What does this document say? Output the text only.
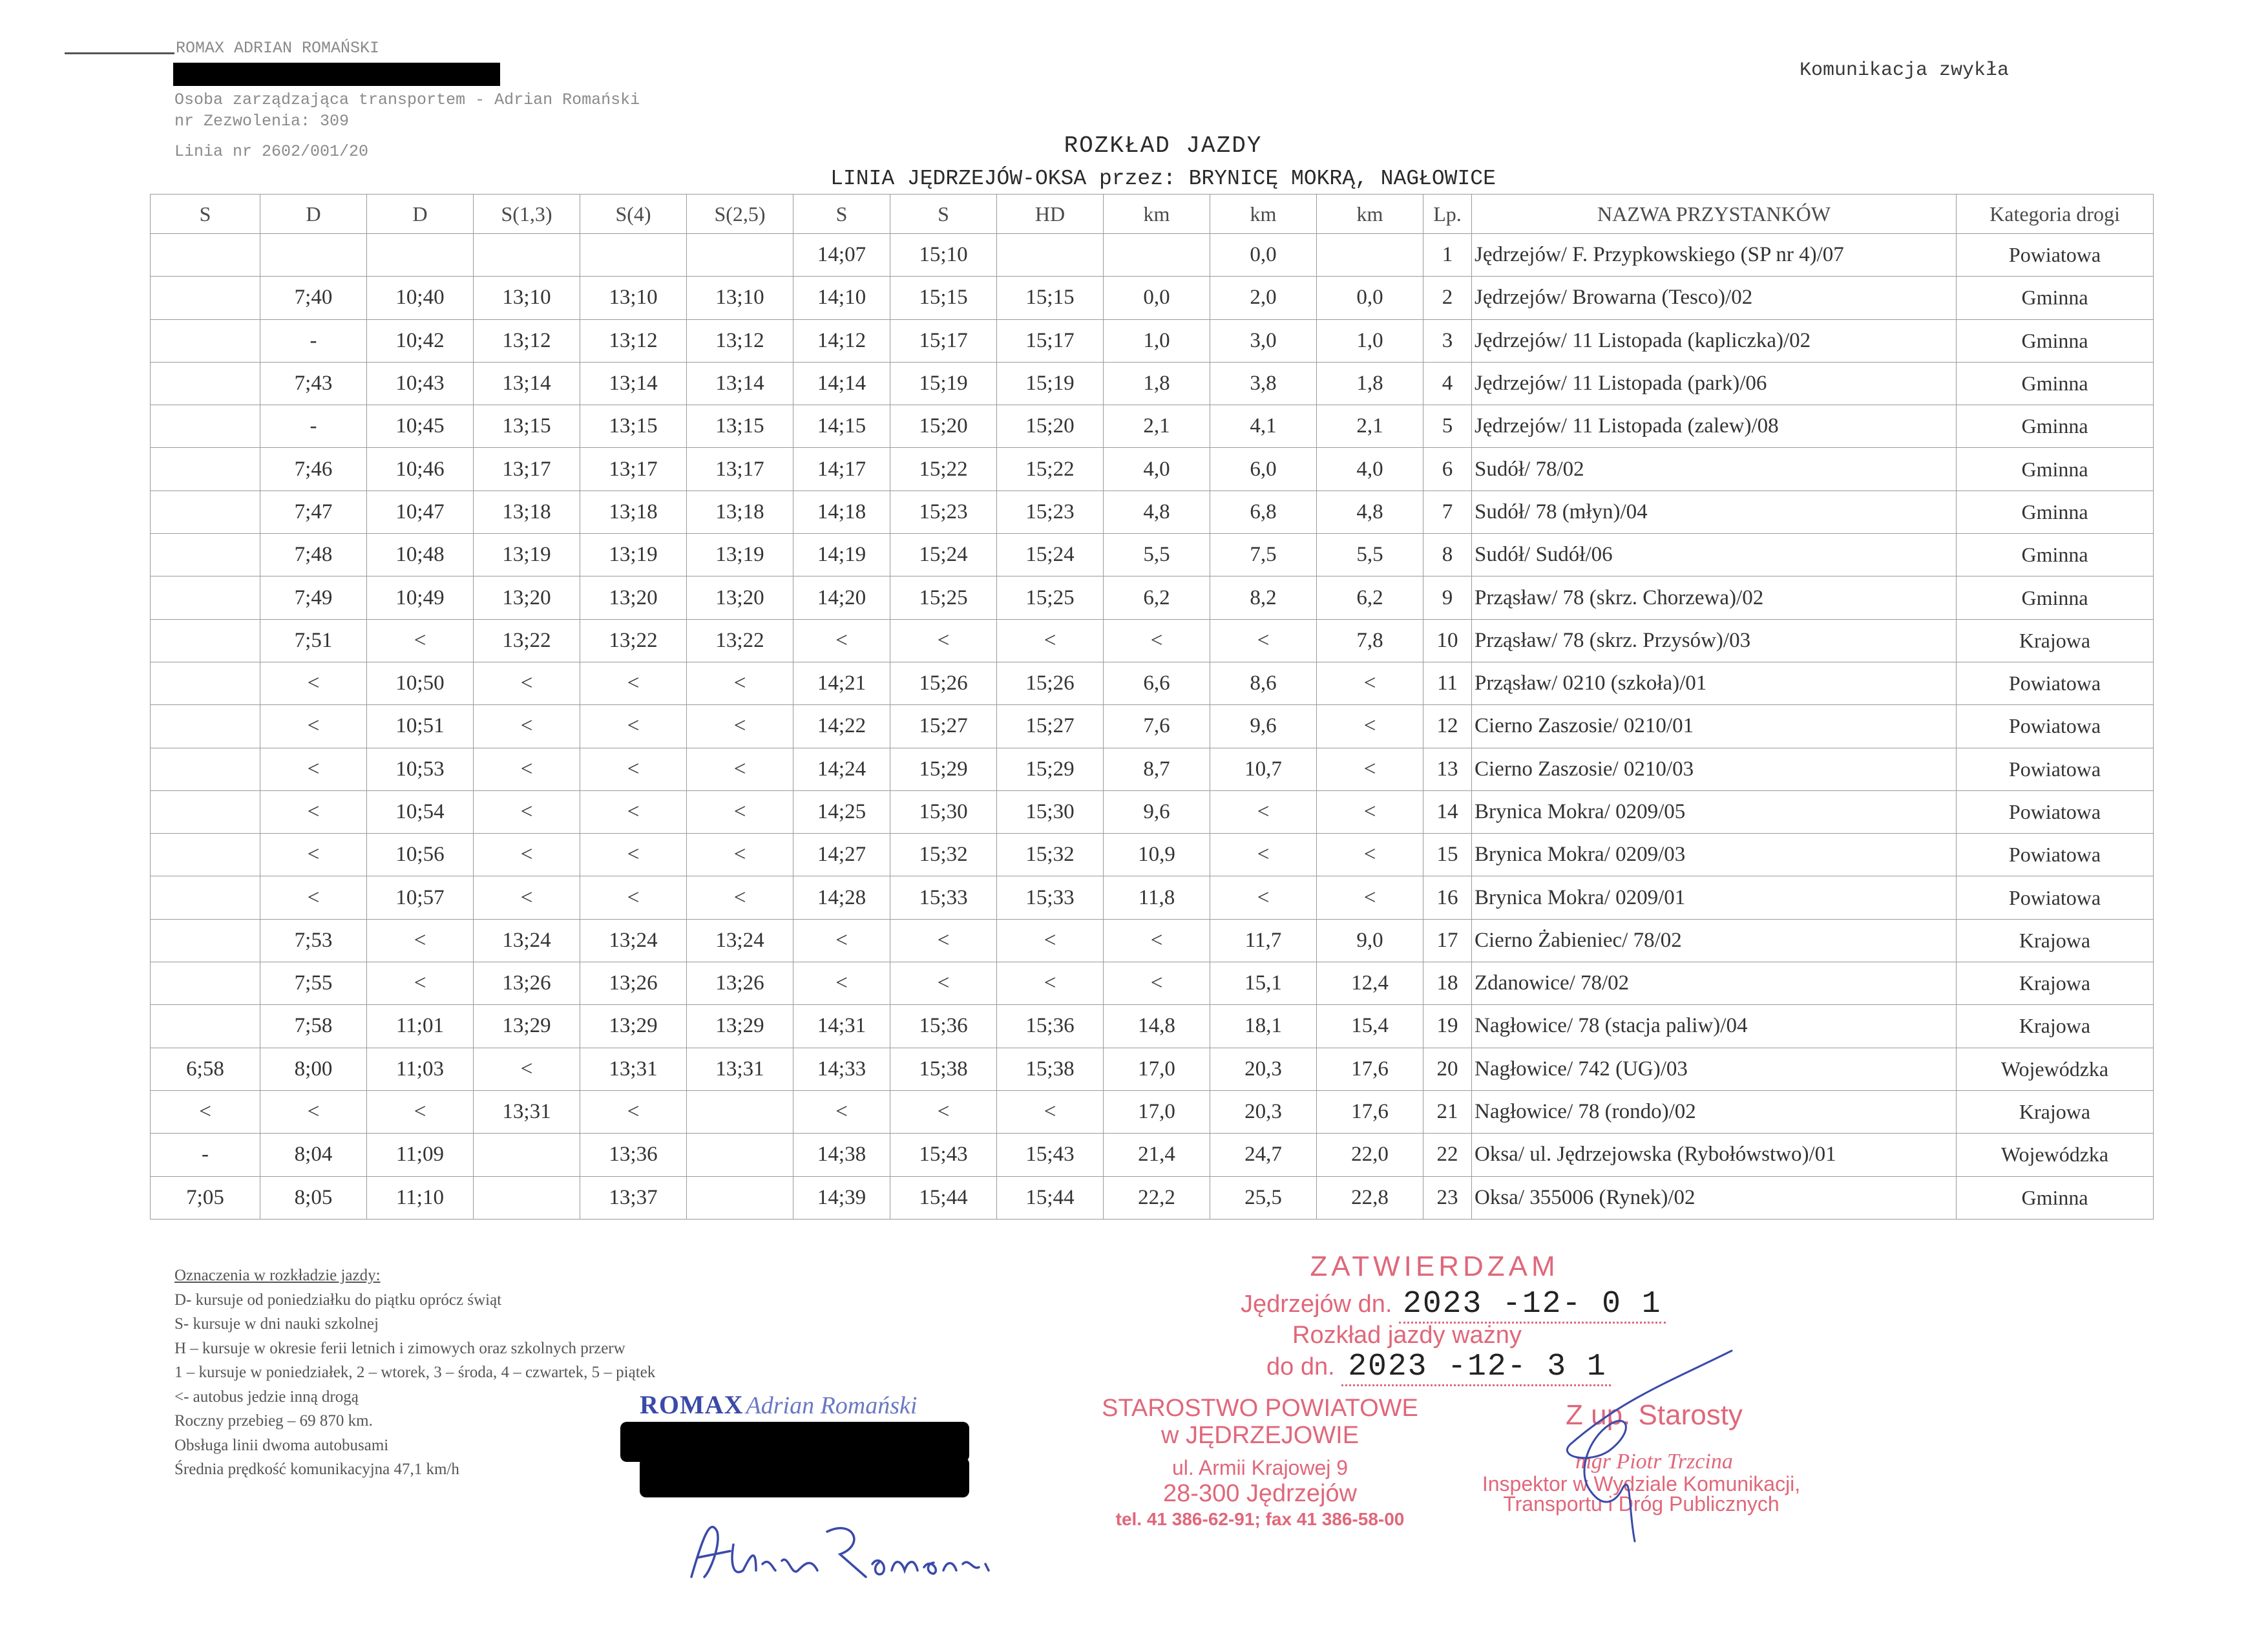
ROMAX ADRIAN ROMAŃSKI
Osoba zarządzająca transportem - Adrian Romański
nr Zezwolenia: 309
Linia nr 2602/001/20
Komunikacja zwykła
ROZKŁAD JAZDY
LINIA JĘDRZEJÓW-OKSA przez: BRYNICĘ MOKRĄ, NAGŁOWICE
S	D	D	S(1,3)	S(4)	S(2,5)	S	S	HD	km	km	km	Lp.	NAZWA PRZYSTANKÓW	Kategoria drogi
						14;07	15;10			0,0		1	Jędrzejów/ F. Przypkowskiego (SP nr 4)/07	Powiatowa
	7;40	10;40	13;10	13;10	13;10	14;10	15;15	15;15	0,0	2,0	0,0	2	Jędrzejów/ Browarna (Tesco)/02	Gminna
	-	10;42	13;12	13;12	13;12	14;12	15;17	15;17	1,0	3,0	1,0	3	Jędrzejów/ 11 Listopada (kapliczka)/02	Gminna
	7;43	10;43	13;14	13;14	13;14	14;14	15;19	15;19	1,8	3,8	1,8	4	Jędrzejów/ 11 Listopada (park)/06	Gminna
	-	10;45	13;15	13;15	13;15	14;15	15;20	15;20	2,1	4,1	2,1	5	Jędrzejów/ 11 Listopada (zalew)/08	Gminna
	7;46	10;46	13;17	13;17	13;17	14;17	15;22	15;22	4,0	6,0	4,0	6	Sudół/ 78/02	Gminna
	7;47	10;47	13;18	13;18	13;18	14;18	15;23	15;23	4,8	6,8	4,8	7	Sudół/ 78 (młyn)/04	Gminna
	7;48	10;48	13;19	13;19	13;19	14;19	15;24	15;24	5,5	7,5	5,5	8	Sudół/ Sudół/06	Gminna
	7;49	10;49	13;20	13;20	13;20	14;20	15;25	15;25	6,2	8,2	6,2	9	Prząsław/ 78 (skrz. Chorzewa)/02	Gminna
	7;51	<	13;22	13;22	13;22	<	<	<	<	<	7,8	10	Prząsław/ 78 (skrz. Przysów)/03	Krajowa
	<	10;50	<	<	<	14;21	15;26	15;26	6,6	8,6	<	11	Prząsław/ 0210 (szkoła)/01	Powiatowa
	<	10;51	<	<	<	14;22	15;27	15;27	7,6	9,6	<	12	Cierno Zaszosie/ 0210/01	Powiatowa
	<	10;53	<	<	<	14;24	15;29	15;29	8,7	10,7	<	13	Cierno Zaszosie/ 0210/03	Powiatowa
	<	10;54	<	<	<	14;25	15;30	15;30	9,6	<	<	14	Brynica Mokra/ 0209/05	Powiatowa
	<	10;56	<	<	<	14;27	15;32	15;32	10,9	<	<	15	Brynica Mokra/ 0209/03	Powiatowa
	<	10;57	<	<	<	14;28	15;33	15;33	11,8	<	<	16	Brynica Mokra/ 0209/01	Powiatowa
	7;53	<	13;24	13;24	13;24	<	<	<	<	11,7	9,0	17	Cierno Żabieniec/ 78/02	Krajowa
	7;55	<	13;26	13;26	13;26	<	<	<	<	15,1	12,4	18	Zdanowice/ 78/02	Krajowa
	7;58	11;01	13;29	13;29	13;29	14;31	15;36	15;36	14,8	18,1	15,4	19	Nagłowice/ 78 (stacja paliw)/04	Krajowa
6;58	8;00	11;03	<	13;31	13;31	14;33	15;38	15;38	17,0	20,3	17,6	20	Nagłowice/ 742 (UG)/03	Wojewódzka
<	<	<	13;31	<		<	<	<	17,0	20,3	17,6	21	Nagłowice/ 78 (rondo)/02	Krajowa
-	8;04	11;09		13;36		14;38	15;43	15;43	21,4	24,7	22,0	22	Oksa/ ul. Jędrzejowska (Rybołówstwo)/01	Wojewódzka
7;05	8;05	11;10		13;37		14;39	15;44	15;44	22,2	25,5	22,8	23	Oksa/ 355006 (Rynek)/02	Gminna
Oznaczenia w rozkładzie jazdy:
D- kursuje od poniedziałku do piątku oprócz świąt
S- kursuje w dni nauki szkolnej
H – kursuje w okresie ferii letnich i zimowych oraz szkolnych przerw
1 – kursuje w poniedziałek, 2 – wtorek, 3 – środa, 4 – czwartek, 5 – piątek
<- autobus jedzie inną drogą
Roczny przebieg – 69 870 km.
Obsługa linii dwoma autobusami
Średnia prędkość komunikacyjna 47,1 km/h
ROMAX Adrian Romański
Adrian Romański
ZATWIERDZAM
Jędrzejów dn. 2023 -12- 0 1
Rozkład jazdy ważny
do dn. 2023 -12- 3 1
STAROSTWO POWIATOWE
w JĘDRZEJOWIE
ul. Armii Krajowej 9
28-300 Jędrzejów
tel. 41 386-62-91; fax 41 386-58-00
Z up. Starosty
mgr Piotr Trzcina
Inspektor w Wydziale Komunikacji,
Transportu i Dróg Publicznych
